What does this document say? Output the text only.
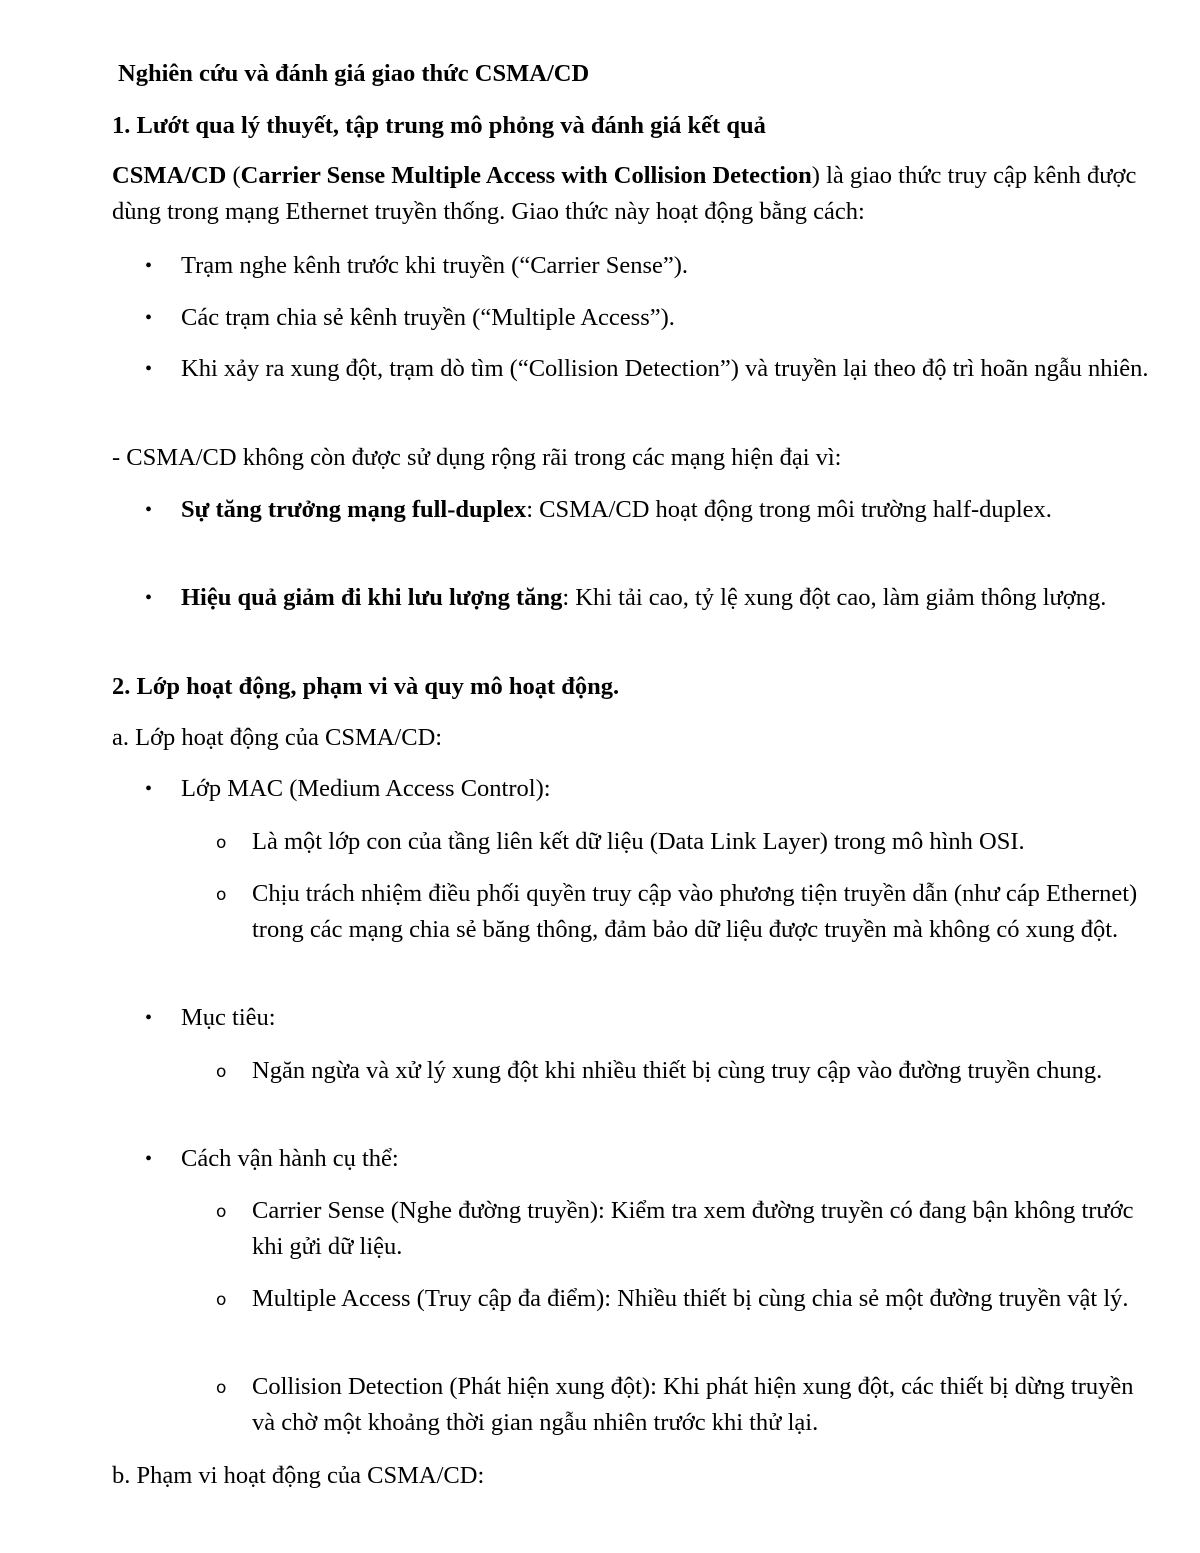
Nghiên cứu và đánh giá giao thức CSMA/CD

1. Lướt qua lý thuyết, tập trung mô phỏng và đánh giá kết quả

CSMA/CD (Carrier Sense Multiple Access with Collision Detection) là giao thức truy cập kênh được dùng trong mạng Ethernet truyền thống. Giao thức này hoạt động bằng cách:

• Trạm nghe kênh trước khi truyền (“Carrier Sense”).
• Các trạm chia sẻ kênh truyền (“Multiple Access”).
• Khi xảy ra xung đột, trạm dò tìm (“Collision Detection”) và truyền lại theo độ trì hoãn ngẫu nhiên.

- CSMA/CD không còn được sử dụng rộng rãi trong các mạng hiện đại vì:

• Sự tăng trưởng mạng full-duplex: CSMA/CD hoạt động trong môi trường half-duplex.
• Hiệu quả giảm đi khi lưu lượng tăng: Khi tải cao, tỷ lệ xung đột cao, làm giảm thông lượng.

2. Lớp hoạt động, phạm vi và quy mô hoạt động.

a. Lớp hoạt động của CSMA/CD:

• Lớp MAC (Medium Access Control):
o Là một lớp con của tầng liên kết dữ liệu (Data Link Layer) trong mô hình OSI.
o Chịu trách nhiệm điều phối quyền truy cập vào phương tiện truyền dẫn (như cáp Ethernet) trong các mạng chia sẻ băng thông, đảm bảo dữ liệu được truyền mà không có xung đột.
• Mục tiêu:
o Ngăn ngừa và xử lý xung đột khi nhiều thiết bị cùng truy cập vào đường truyền chung.
• Cách vận hành cụ thể:
o Carrier Sense (Nghe đường truyền): Kiểm tra xem đường truyền có đang bận không trước khi gửi dữ liệu.
o Multiple Access (Truy cập đa điểm): Nhiều thiết bị cùng chia sẻ một đường truyền vật lý.
o Collision Detection (Phát hiện xung đột): Khi phát hiện xung đột, các thiết bị dừng truyền và chờ một khoảng thời gian ngẫu nhiên trước khi thử lại.

b. Phạm vi hoạt động của CSMA/CD:
